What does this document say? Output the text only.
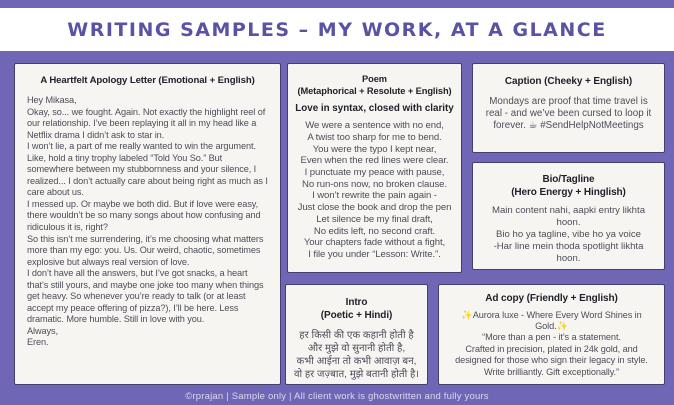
WRITING SAMPLES – MY WORK, AT A GLANCE
A Heartfelt Apology Letter (Emotional + English)
Hey Mikasa,
Okay, so... we fought. Again. Not exactly the highlight reel of our relationship. I’ve been replaying it all in my head like a Netflix drama I didn’t ask to star in.
I won’t lie, a part of me really wanted to win the argument. Like, hold a tiny trophy labeled “Told You So.” But somewhere between my stubbornness and your silence, I realized... I don’t actually care about being right as much as I care about us.
I messed up. Or maybe we both did. But if love were easy, there wouldn’t be so many songs about how confusing and ridiculous it is, right?
So this isn’t me surrendering, it’s me choosing what matters more than my ego: you. Us. Our weird, chaotic, sometimes explosive but always real version of love.
I don’t have all the answers, but I’ve got snacks, a heart that’s still yours, and maybe one joke too many when things get heavy. So whenever you’re ready to talk (or at least accept my peace offering of pizza?), I’ll be here. Less dramatic. More humble. Still in love with you.
Always,
Eren.
Poem
(Metaphorical + Resolute + English)
Love in syntax, closed with clarity
We were a sentence with no end,
A twist too sharp for me to bend.
You were the typo I kept near,
Even when the red lines were clear.
I punctuate my peace with pause,
No run-ons now, no broken clause.
I won’t rewrite the pain again -
Just close the book and drop the pen
Let silence be my final draft,
No edits left, no second craft.
Your chapters fade without a fight,
I file you under “Lesson: Write.”.
Caption (Cheeky + English)
Mondays are proof that time travel is real - and we’ve been cursed to loop it forever. ☕ #SendHelpNotMeetings
Bio/Tagline
(Hero Energy + Hinglish)
Main content nahi, aapki entry likhta hoon.
Bio ho ya tagline, vibe ho ya voice
-Har line mein thoda spotlight likhta hoon.
Intro
(Poetic + Hindi)
हर किसी की एक कहानी होती है
और मुझे वो सुनानी होती है,
कभी आईना तो कभी आवाज़ बन,
वो हर जज़्बात, मुझे बतानी होती है।
Ad copy (Friendly + English)
✨Aurora luxe - Where Every Word Shines in Gold.✨
“More than a pen - it’s a statement.
Crafted in precision, plated in 24k gold, and designed for those who sign their legacy in style.
Write brilliantly. Gift exceptionally.”
©rprajan | Sample only | All client work is ghostwritten and fully yours
